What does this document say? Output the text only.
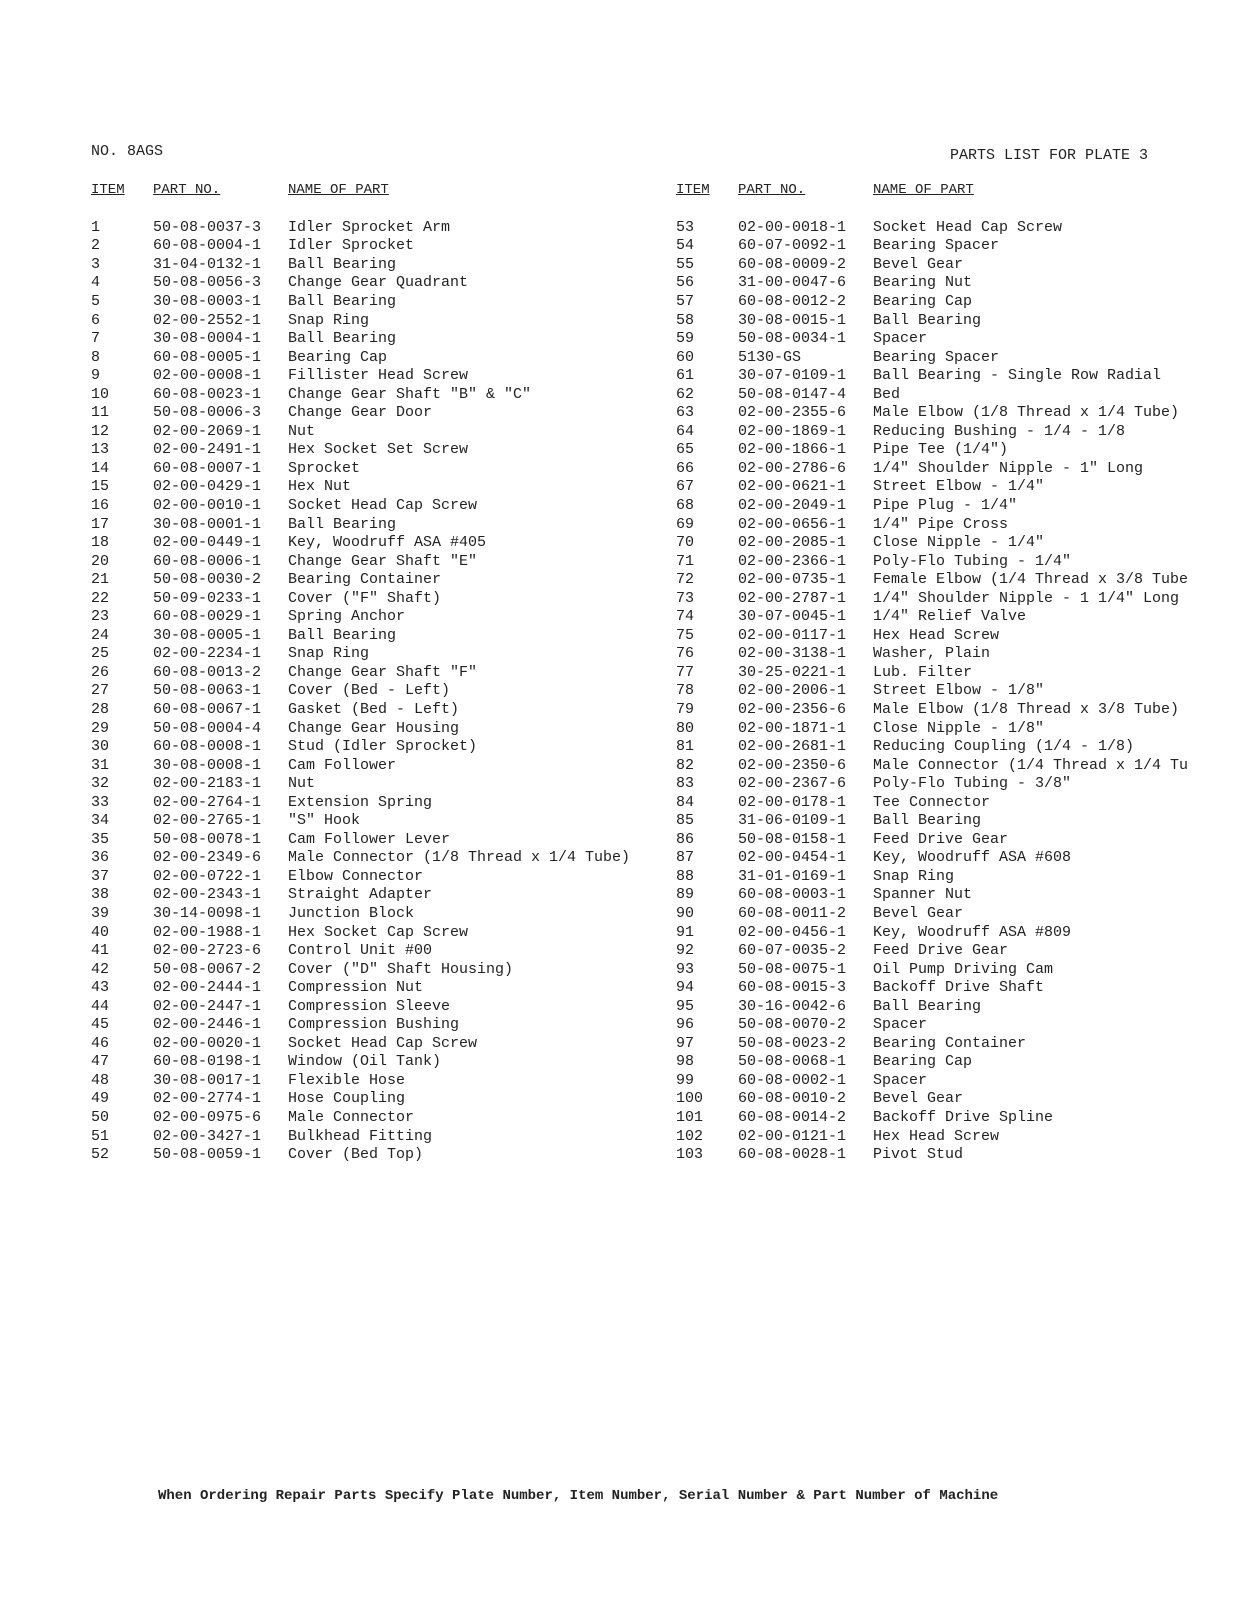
NO. 8AGS	PARTS LIST FOR PLATE 3
ITEM	PART NO.	NAME OF PART
1	50-08-0037-3	Idler Sprocket Arm
2	60-08-0004-1	Idler Sprocket
3	31-04-0132-1	Ball Bearing
4	50-08-0056-3	Change Gear Quadrant
5	30-08-0003-1	Ball Bearing
6	02-00-2552-1	Snap Ring
7	30-08-0004-1	Ball Bearing
8	60-08-0005-1	Bearing Cap
9	02-00-0008-1	Fillister Head Screw
10	60-08-0023-1	Change Gear Shaft "B" & "C"
11	50-08-0006-3	Change Gear Door
12	02-00-2069-1	Nut
13	02-00-2491-1	Hex Socket Set Screw
14	60-08-0007-1	Sprocket
15	02-00-0429-1	Hex Nut
16	02-00-0010-1	Socket Head Cap Screw
17	30-08-0001-1	Ball Bearing
18	02-00-0449-1	Key, Woodruff ASA #405
20	60-08-0006-1	Change Gear Shaft "E"
21	50-08-0030-2	Bearing Container
22	50-09-0233-1	Cover ("F" Shaft)
23	60-08-0029-1	Spring Anchor
24	30-08-0005-1	Ball Bearing
25	02-00-2234-1	Snap Ring
26	60-08-0013-2	Change Gear Shaft "F"
27	50-08-0063-1	Cover (Bed - Left)
28	60-08-0067-1	Gasket (Bed - Left)
29	50-08-0004-4	Change Gear Housing
30	60-08-0008-1	Stud (Idler Sprocket)
31	30-08-0008-1	Cam Follower
32	02-00-2183-1	Nut
33	02-00-2764-1	Extension Spring
34	02-00-2765-1	"S" Hook
35	50-08-0078-1	Cam Follower Lever
36	02-00-2349-6	Male Connector (1/8 Thread x 1/4 Tube)
37	02-00-0722-1	Elbow Connector
38	02-00-2343-1	Straight Adapter
39	30-14-0098-1	Junction Block
40	02-00-1988-1	Hex Socket Cap Screw
41	02-00-2723-6	Control Unit #00
42	50-08-0067-2	Cover ("D" Shaft Housing)
43	02-00-2444-1	Compression Nut
44	02-00-2447-1	Compression Sleeve
45	02-00-2446-1	Compression Bushing
46	02-00-0020-1	Socket Head Cap Screw
47	60-08-0198-1	Window (Oil Tank)
48	30-08-0017-1	Flexible Hose
49	02-00-2774-1	Hose Coupling
50	02-00-0975-6	Male Connector
51	02-00-3427-1	Bulkhead Fitting
52	50-08-0059-1	Cover (Bed Top)
ITEM	PART NO.	NAME OF PART
53	02-00-0018-1	Socket Head Cap Screw
54	60-07-0092-1	Bearing Spacer
55	60-08-0009-2	Bevel Gear
56	31-00-0047-6	Bearing Nut
57	60-08-0012-2	Bearing Cap
58	30-08-0015-1	Ball Bearing
59	50-08-0034-1	Spacer
60	5130-GS	Bearing Spacer
61	30-07-0109-1	Ball Bearing - Single Row Radial
62	50-08-0147-4	Bed
63	02-00-2355-6	Male Elbow (1/8 Thread x 1/4 Tube)
64	02-00-1869-1	Reducing Bushing - 1/4 - 1/8
65	02-00-1866-1	Pipe Tee (1/4")
66	02-00-2786-6	1/4" Shoulder Nipple - 1" Long
67	02-00-0621-1	Street Elbow - 1/4"
68	02-00-2049-1	Pipe Plug - 1/4"
69	02-00-0656-1	1/4" Pipe Cross
70	02-00-2085-1	Close Nipple - 1/4"
71	02-00-2366-1	Poly-Flo Tubing - 1/4"
72	02-00-0735-1	Female Elbow (1/4 Thread x 3/8 Tube
73	02-00-2787-1	1/4" Shoulder Nipple - 1 1/4" Long
74	30-07-0045-1	1/4" Relief Valve
75	02-00-0117-1	Hex Head Screw
76	02-00-3138-1	Washer, Plain
77	30-25-0221-1	Lub. Filter
78	02-00-2006-1	Street Elbow - 1/8"
79	02-00-2356-6	Male Elbow (1/8 Thread x 3/8 Tube)
80	02-00-1871-1	Close Nipple - 1/8"
81	02-00-2681-1	Reducing Coupling (1/4 - 1/8)
82	02-00-2350-6	Male Connector (1/4 Thread x 1/4 Tu
83	02-00-2367-6	Poly-Flo Tubing - 3/8"
84	02-00-0178-1	Tee Connector
85	31-06-0109-1	Ball Bearing
86	50-08-0158-1	Feed Drive Gear
87	02-00-0454-1	Key, Woodruff ASA #608
88	31-01-0169-1	Snap Ring
89	60-08-0003-1	Spanner Nut
90	60-08-0011-2	Bevel Gear
91	02-00-0456-1	Key, Woodruff ASA #809
92	60-07-0035-2	Feed Drive Gear
93	50-08-0075-1	Oil Pump Driving Cam
94	60-08-0015-3	Backoff Drive Shaft
95	30-16-0042-6	Ball Bearing
96	50-08-0070-2	Spacer
97	50-08-0023-2	Bearing Container
98	50-08-0068-1	Bearing Cap
99	60-08-0002-1	Spacer
100	60-08-0010-2	Bevel Gear
101	60-08-0014-2	Backoff Drive Spline
102	02-00-0121-1	Hex Head Screw
103	60-08-0028-1	Pivot Stud
When Ordering Repair Parts Specify Plate Number, Item Number, Serial Number & Part Number of Machine
